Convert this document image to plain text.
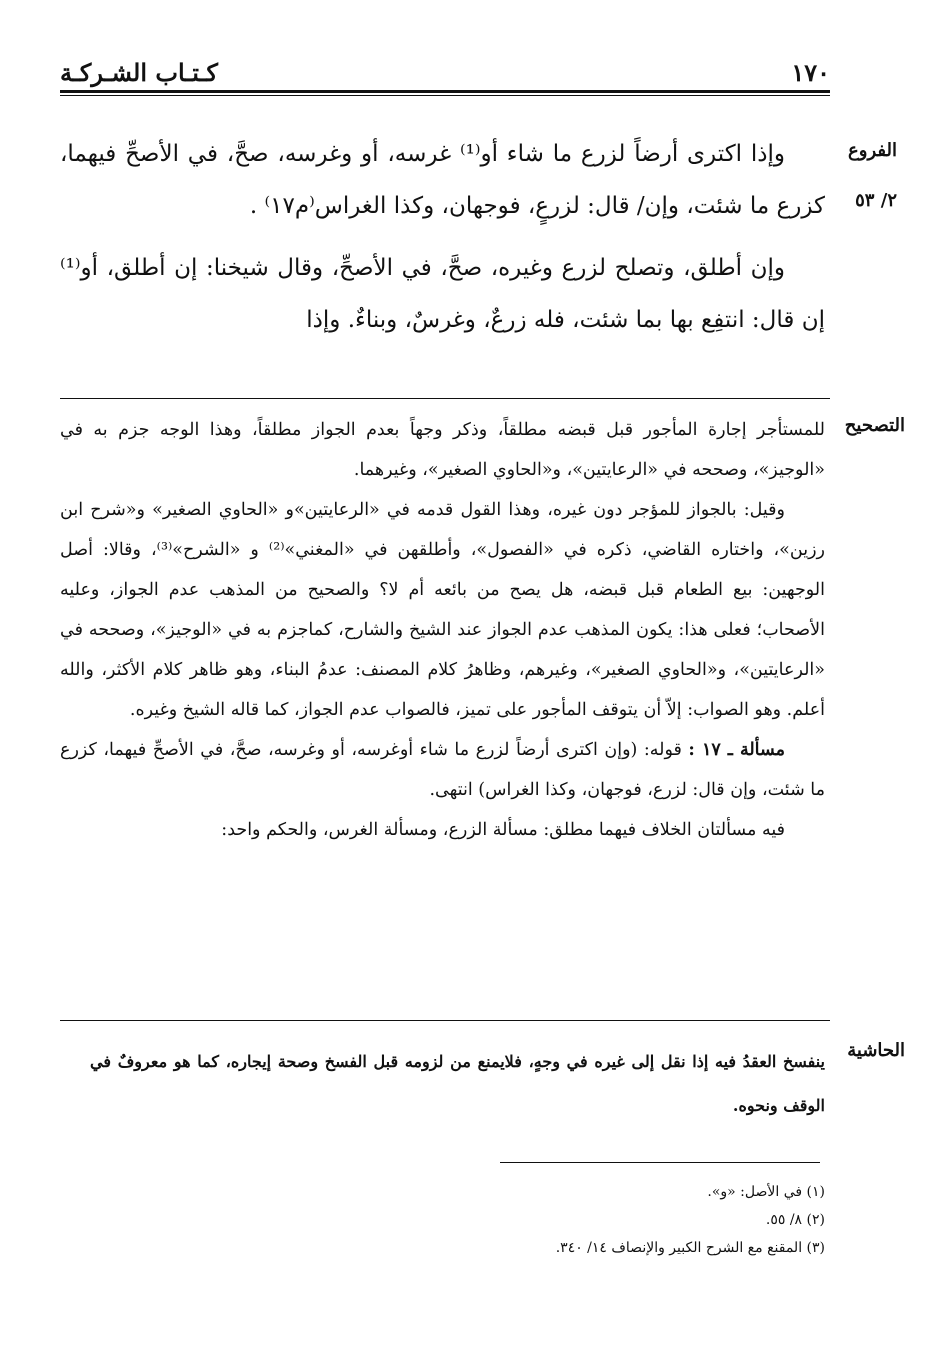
كـتـاب الشـركـة	١٧٠
الفروع
٢/ ٥٣

وإذا اكترى أرضاً لزرع ما شاء أو⁽¹⁾ غرسه، أو وغرسه، صحَّ، في الأصحِّ فيهما، كزرع ما شئت، وإن/ قال: لزرعٍ، فوجهان، وكذا الغراس⁽م١٧⁾ .

وإن أطلق، وتصلح لزرع وغيره، صحَّ، في الأصحِّ، وقال شيخنا: إن أطلق، أو⁽¹⁾ إن قال: انتفِع بها بما شئت، فله زرعٌ، وغرسٌ، وبناءٌ. وإذا

التصحيح

للمستأجر إجارة المأجور قبل قبضه مطلقاً، وذكر وجهاً بعدم الجواز مطلقاً، وهذا الوجه جزم به في «الوجيز»، وصححه في «الرعايتين»، و«الحاوي الصغير»، وغيرهما.

وقيل: بالجواز للمؤجر دون غيره، وهذا القول قدمه في «الرعايتين»و «الحاوي الصغير» و«شرح ابن رزين»، واختاره القاضي، ذكره في «الفصول»، وأطلقهن في «المغني»⁽²⁾ و «الشرح»⁽³⁾، وقالا: أصل الوجهين: بيع الطعام قبل قبضه، هل يصح من بائعه أم لا؟ والصحيح من المذهب عدم الجواز، وعليه الأصحاب؛ فعلى هذا: يكون المذهب عدم الجواز عند الشيخ والشارح، كماجزم به في «الوجيز»، وصححه في «الرعايتين»، و«الحاوي الصغير»، وغيرهم، وظاهرُ كلام المصنف: عدمُ البناء، وهو ظاهر كلام الأكثر، والله أعلم. وهو الصواب: إلاّ أن يتوقف المأجور على تميز، فالصواب عدم الجواز، كما قاله الشيخ وغيره.

مسألة ـ ١٧ : قوله: (وإن اكترى أرضاً لزرع ما شاء أوغرسه، أو وغرسه، صحَّ، في الأصحِّ فيهما، كزرع ما شئت، وإن قال: لزرع، فوجهان، وكذا الغراس) انتهى.

فيه مسألتان الخلاف فيهما مطلق: مسألة الزرع، ومسألة الغرس، والحكم واحد:

الحاشية

ينفسخ العقدُ فيه إذا نقل إلى غيره في وجهٍ، فلايمنع من لزومه قبل الفسخ وصحة إيجاره، كما هو معروفٌ في الوقف ونحوه.

(١) في الأصل: «و».

(٢) ٨/ ٥٥.

(٣) المقنع مع الشرح الكبير والإنصاف ١٤/ ٣٤٠.
